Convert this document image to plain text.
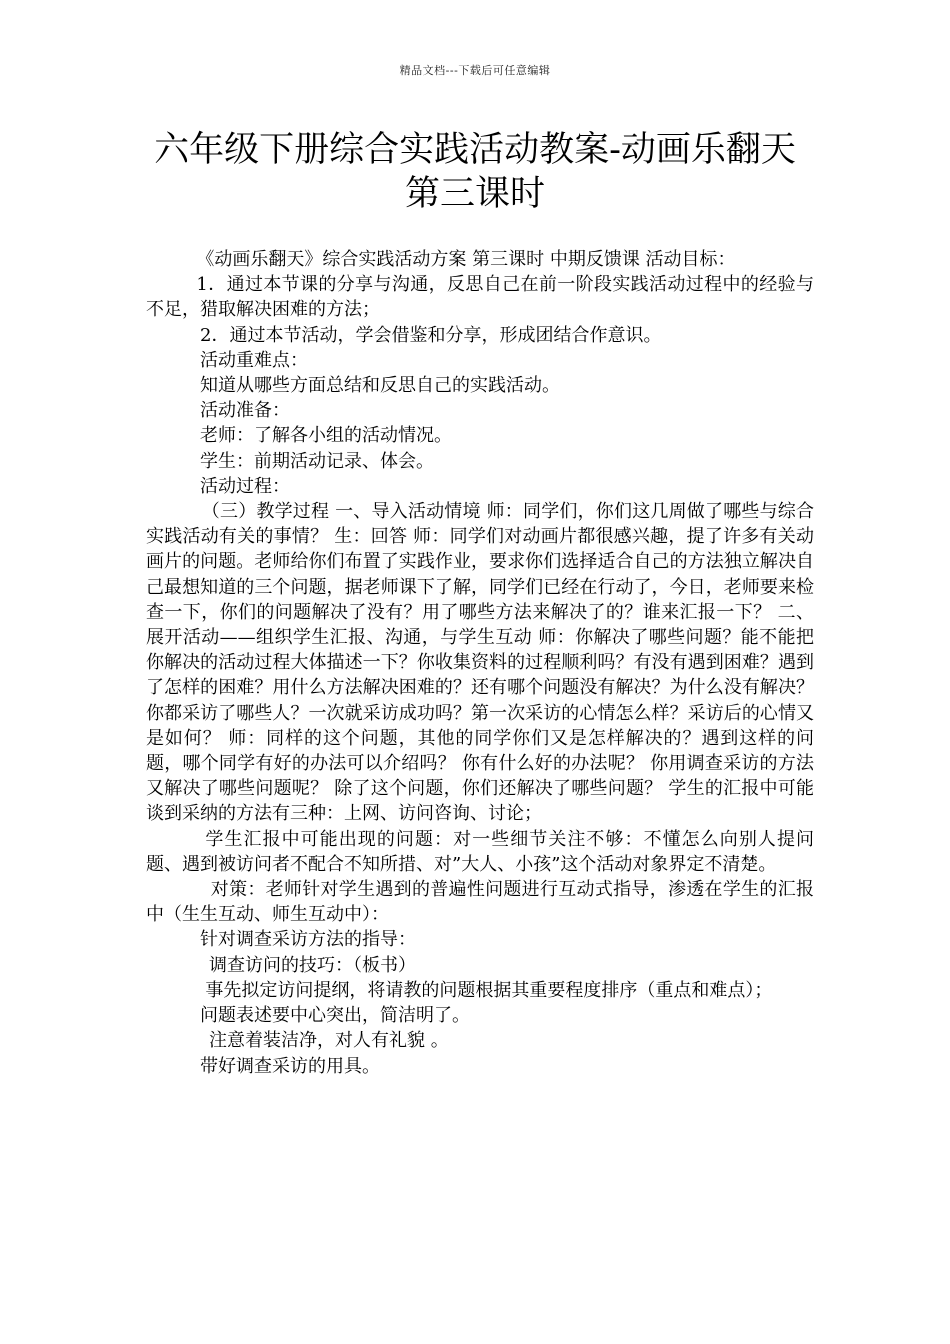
精品文档---下载后可任意编辑
六年级下册综合实践活动教案-动画乐翻天
第三课时

《动画乐翻天》综合实践活动方案 第三课时 中期反馈课 活动目标：

1．通过本节课的分享与沟通，反思自己在前一阶段实践活动过程中的经验与不足，猎取解决困难的方法；

2．通过本节活动，学会借鉴和分享，形成团结合作意识。

活动重难点：

知道从哪些方面总结和反思自己的实践活动。

活动准备：

老师：了解各小组的活动情况。

学生：前期活动记录、体会。

活动过程：

（三）教学过程 一、导入活动情境 师：同学们，你们这几周做了哪些与综合实践活动有关的事情？ 生：回答 师：同学们对动画片都很感兴趣，提了许多有关动画片的问题。老师给你们布置了实践作业，要求你们选择适合自己的方法独立解决自己最想知道的三个问题，据老师课下了解，同学们已经在行动了，今日，老师要来检查一下，你们的问题解决了没有？用了哪些方法来解决了的？谁来汇报一下？ 二、展开活动——组织学生汇报、沟通，与学生互动 师：你解决了哪些问题？能不能把你解决的活动过程大体描述一下？你收集资料的过程顺利吗？有没有遇到困难？遇到了怎样的困难？用什么方法解决困难的？还有哪个问题没有解决？为什么没有解决？你都采访了哪些人？一次就采访成功吗？第一次采访的心情怎么样？采访后的心情又是如何？ 师：同样的这个问题，其他的同学你们又是怎样解决的？遇到这样的问题，哪个同学有好的办法可以介绍吗？ 你有什么好的办法呢？ 你用调查采访的方法又解决了哪些问题呢？ 除了这个问题，你们还解决了哪些问题？ 学生的汇报中可能谈到采纳的方法有三种：上网、访问咨询、讨论；

学生汇报中可能出现的问题：对一些细节关注不够：不懂怎么向别人提问题、遇到被访问者不配合不知所措、对”大人、小孩”这个活动对象界定不清楚。

对策：老师针对学生遇到的普遍性问题进行互动式指导，渗透在学生的汇报中（生生互动、师生互动中）：

针对调查采访方法的指导：

调查访问的技巧：（板书）

事先拟定访问提纲，将请教的问题根据其重要程度排序（重点和难点）；

问题表述要中心突出，简洁明了。

注意着装洁净，对人有礼貌 。

带好调查采访的用具。
